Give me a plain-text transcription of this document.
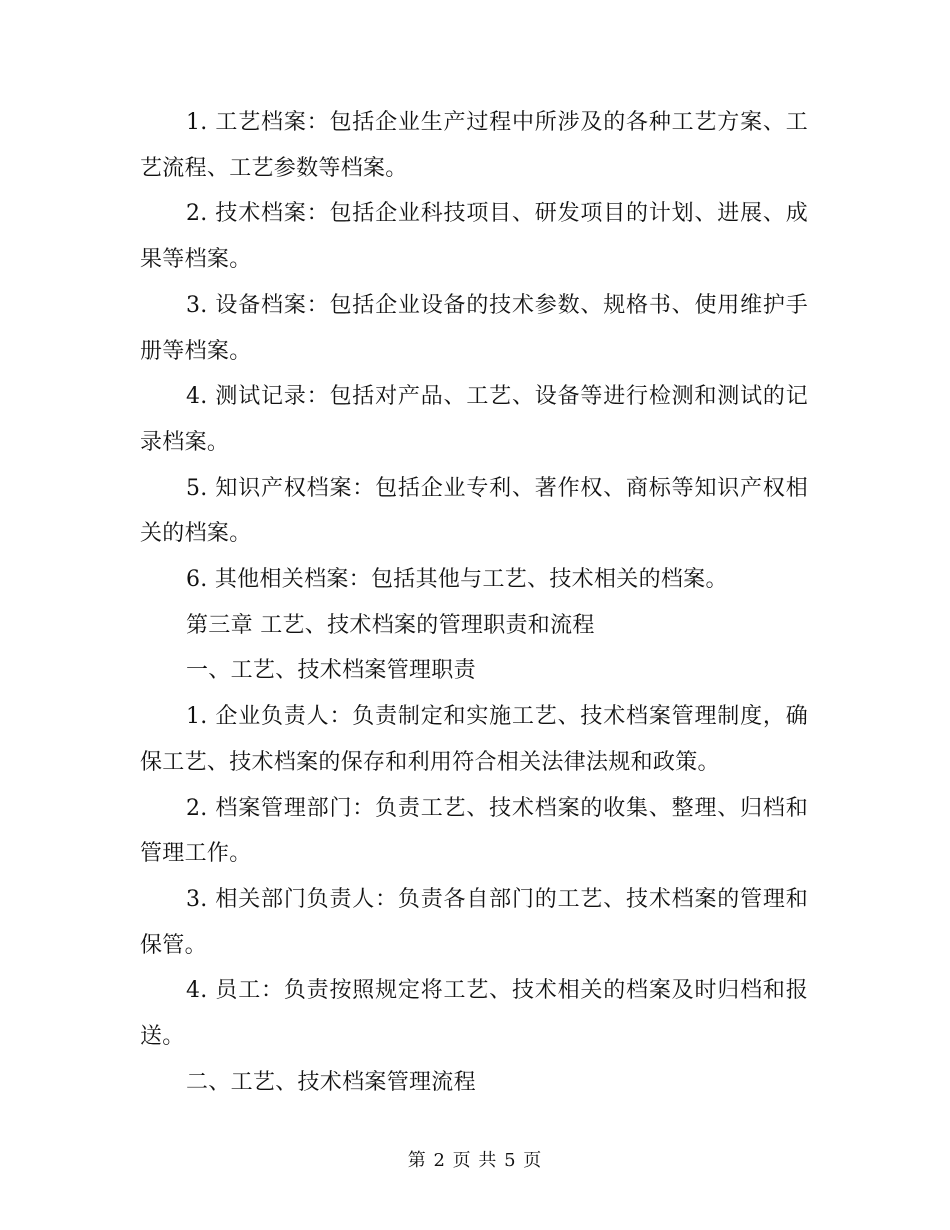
1. 工艺档案：包括企业生产过程中所涉及的各种工艺方案、工艺流程、工艺参数等档案。

2. 技术档案：包括企业科技项目、研发项目的计划、进展、成果等档案。

3. 设备档案：包括企业设备的技术参数、规格书、使用维护手册等档案。

4. 测试记录：包括对产品、工艺、设备等进行检测和测试的记录档案。

5. 知识产权档案：包括企业专利、著作权、商标等知识产权相关的档案。

6. 其他相关档案：包括其他与工艺、技术相关的档案。

第三章 工艺、技术档案的管理职责和流程

一、工艺、技术档案管理职责

1. 企业负责人：负责制定和实施工艺、技术档案管理制度，确保工艺、技术档案的保存和利用符合相关法律法规和政策。

2. 档案管理部门：负责工艺、技术档案的收集、整理、归档和管理工作。

3. 相关部门负责人：负责各自部门的工艺、技术档案的管理和保管。

4. 员工：负责按照规定将工艺、技术相关的档案及时归档和报送。

二、工艺、技术档案管理流程

第 2 页 共 5 页
